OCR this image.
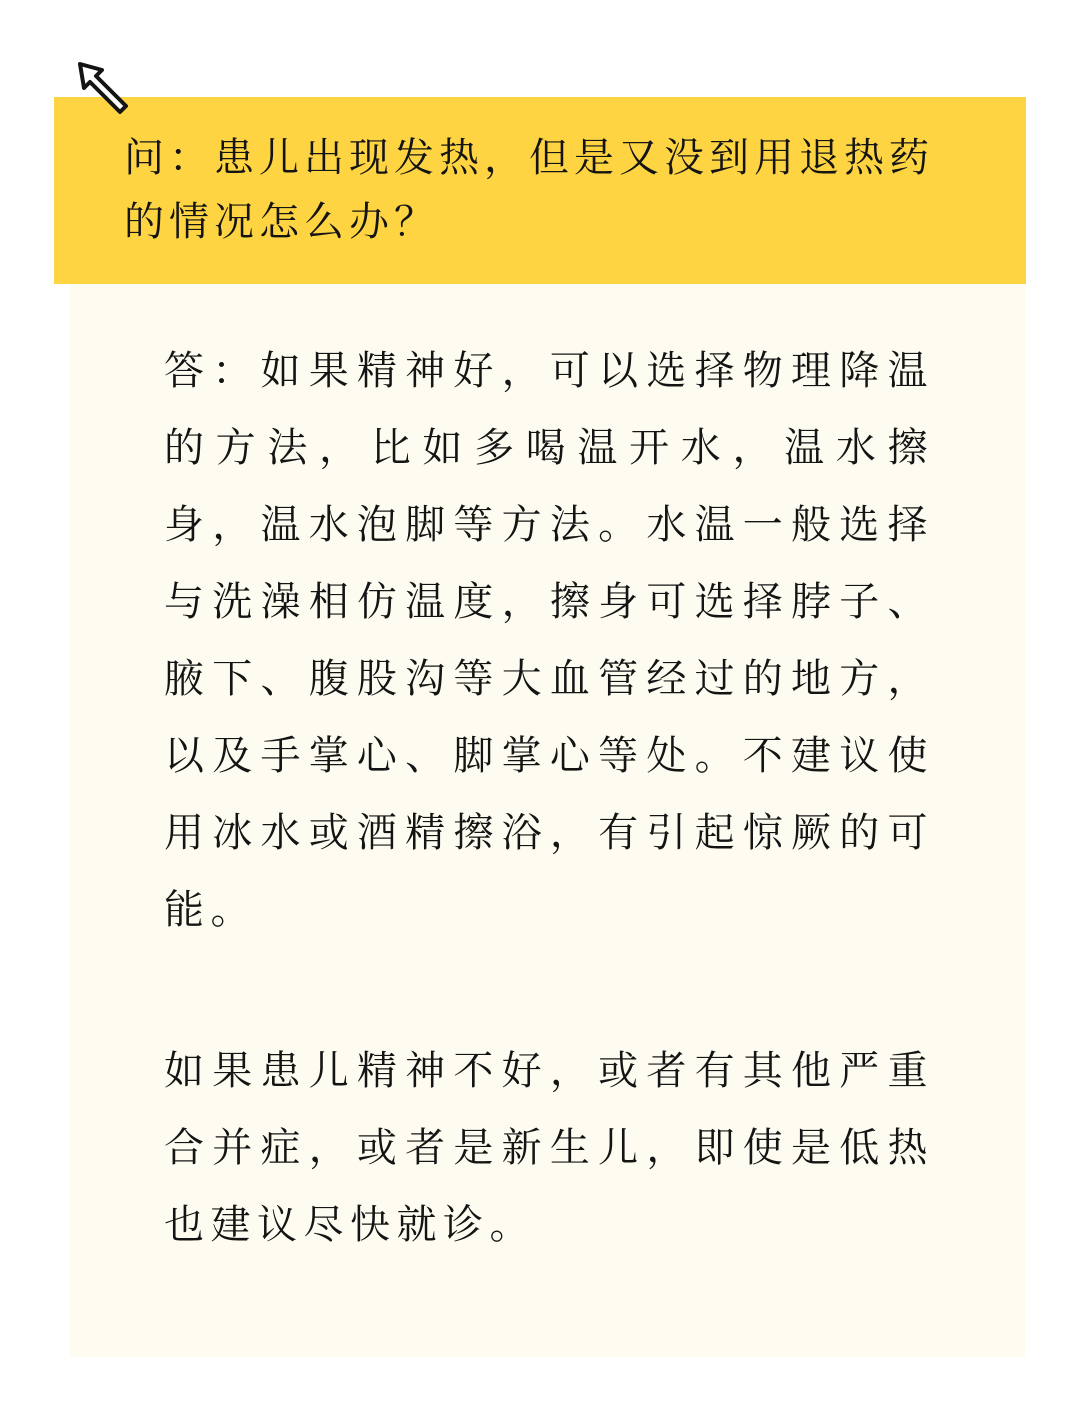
问：患儿出现发热，但是又没到用退热药的情况怎么办？

答：如果精神好，可以选择物理降温的方法，比如多喝温开水，温水擦身，温水泡脚等方法。水温一般选择与洗澡相仿温度，擦身可选择脖子、腋下、腹股沟等大血管经过的地方，以及手掌心、脚掌心等处。不建议使用冰水或酒精擦浴，有引起惊厥的可能。

如果患儿精神不好，或者有其他严重合并症，或者是新生儿，即使是低热也建议尽快就诊。
